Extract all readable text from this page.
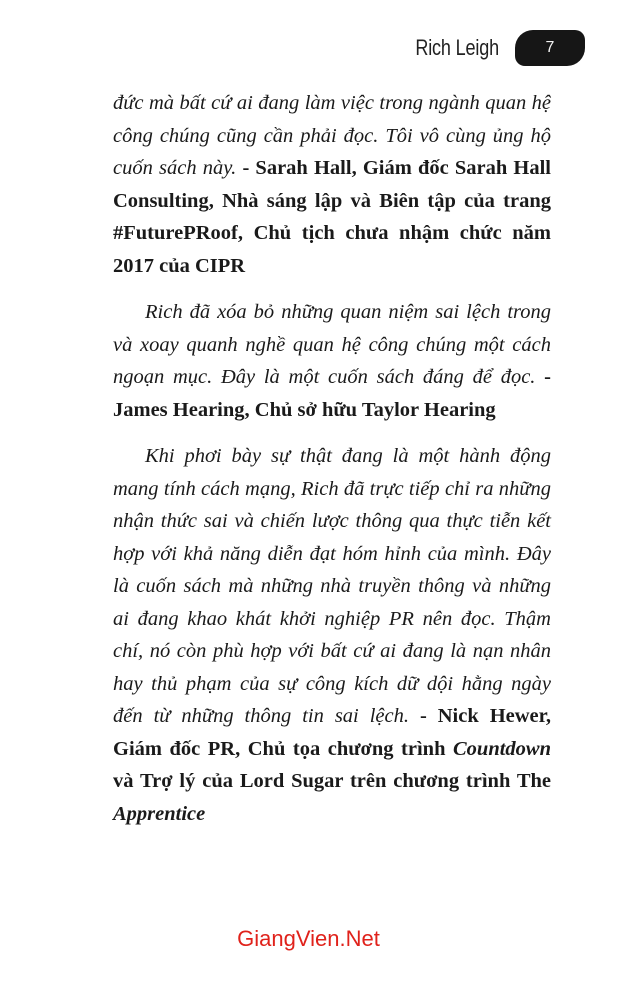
Rich Leigh	7

đức mà bất cứ ai đang làm việc trong ngành quan hệ công chúng cũng cần phải đọc. Tôi vô cùng ủng hộ cuốn sách này. - Sarah Hall, Giám đốc Sarah Hall Consulting, Nhà sáng lập và Biên tập của trang #FuturePRoof, Chủ tịch chưa nhậm chức năm 2017 của CIPR

Rich đã xóa bỏ những quan niệm sai lệch trong và xoay quanh nghề quan hệ công chúng một cách ngoạn mục. Đây là một cuốn sách đáng để đọc. - James Hearing, Chủ sở hữu Taylor Hearing

Khi phơi bày sự thật đang là một hành động mang tính cách mạng, Rich đã trực tiếp chỉ ra những nhận thức sai và chiến lược thông qua thực tiễn kết hợp với khả năng diễn đạt hóm hỉnh của mình. Đây là cuốn sách mà những nhà truyền thông và những ai đang khao khát khởi nghiệp PR nên đọc. Thậm chí, nó còn phù hợp với bất cứ ai đang là nạn nhân hay thủ phạm của sự công kích dữ dội hằng ngày đến từ những thông tin sai lệch. - Nick Hewer, Giám đốc PR, Chủ tọa chương trình Countdown và Trợ lý của Lord Sugar trên chương trình The Apprentice

GiangVien.Net
